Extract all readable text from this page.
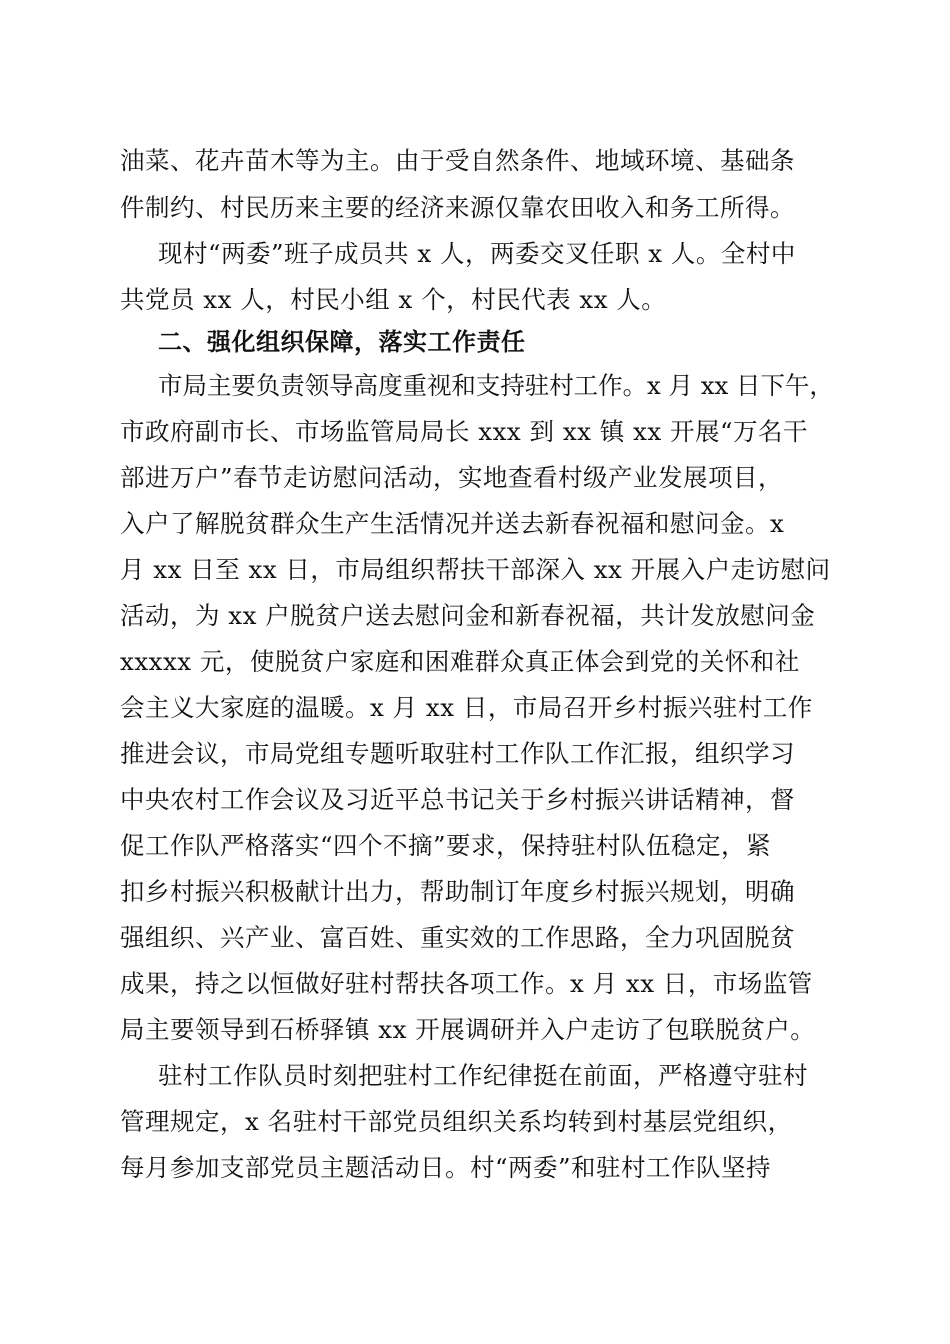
油菜、花卉苗木等为主。由于受自然条件、地域环境、基础条
件制约、村民历来主要的经济来源仅靠农田收入和务工所得。
现村“两委”班子成员共 x 人，两委交叉任职 x 人。全村中
共党员 xx 人，村民小组 x 个，村民代表 xx 人。
二、强化组织保障，落实工作责任
市局主要负责领导高度重视和支持驻村工作。x 月 xx 日下午，
市政府副市长、市场监管局局长 xxx 到 xx 镇 xx 开展“万名干
部进万户”春节走访慰问活动，实地查看村级产业发展项目，
入户了解脱贫群众生产生活情况并送去新春祝福和慰问金。x
月 xx 日至 xx 日，市局组织帮扶干部深入 xx 开展入户走访慰问
活动，为 xx 户脱贫户送去慰问金和新春祝福，共计发放慰问金
xxxxx 元，使脱贫户家庭和困难群众真正体会到党的关怀和社
会主义大家庭的温暖。x 月 xx 日，市局召开乡村振兴驻村工作
推进会议，市局党组专题听取驻村工作队工作汇报，组织学习
中央农村工作会议及习近平总书记关于乡村振兴讲话精神，督
促工作队严格落实“四个不摘”要求，保持驻村队伍稳定，紧
扣乡村振兴积极献计出力，帮助制订年度乡村振兴规划，明确
强组织、兴产业、富百姓、重实效的工作思路，全力巩固脱贫
成果，持之以恒做好驻村帮扶各项工作。x 月 xx 日，市场监管
局主要领导到石桥驿镇 xx 开展调研并入户走访了包联脱贫户。
驻村工作队员时刻把驻村工作纪律挺在前面，严格遵守驻村
管理规定，x 名驻村干部党员组织关系均转到村基层党组织，
每月参加支部党员主题活动日。村“两委”和驻村工作队坚持
